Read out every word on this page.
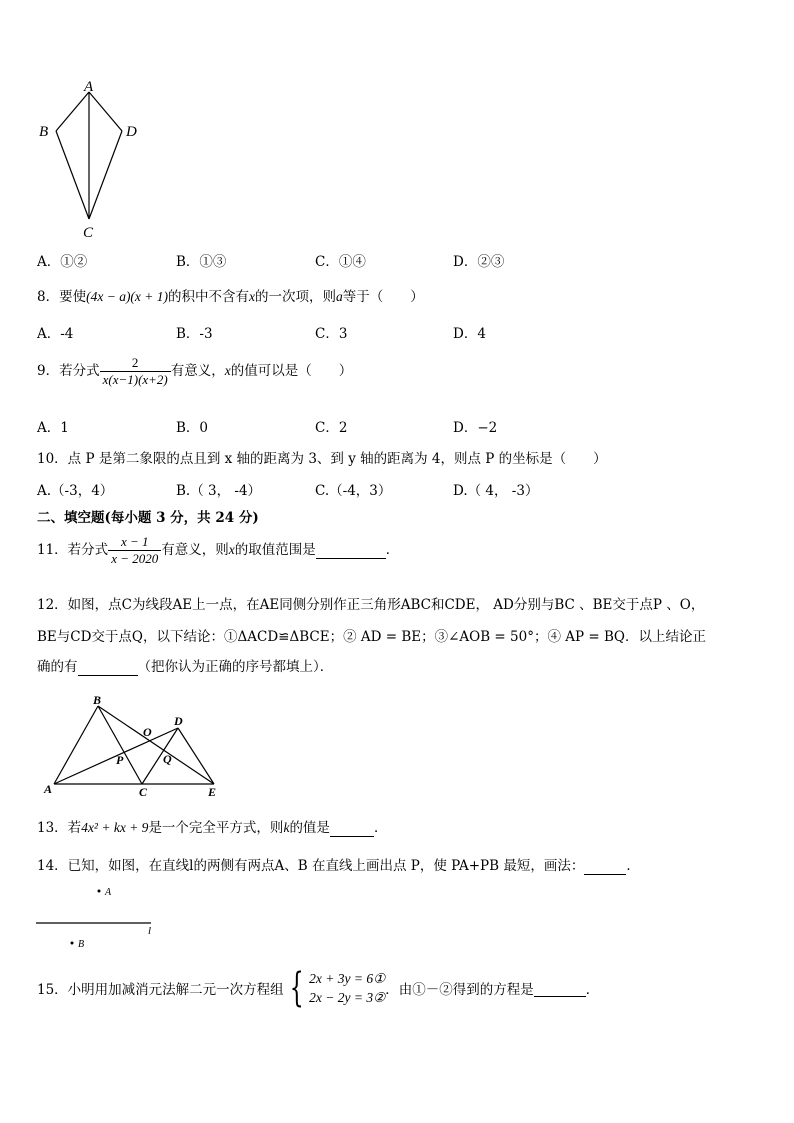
A
B	D
C
A．①②	B．①③	C．①④	D．②③
8．要使(4x − a)(x + 1)的积中不含有x的一次项，则a等于（　　）
A．-4	B．-3	C．3	D．4
9．若分式 $\frac{2}{x(x-1)(x+2)}$ 有意义，x的值可以是（　　）
A．1	B．0	C．2	D．−2
10．点 P 是第二象限的点且到 x 轴的距离为 3、到 y 轴的距离为 4，则点 P 的坐标是（　　）
A.（-3，4）	B.（ 3， -4）	C.（-4，3）	D.（ 4， -3）
二、填空题(每小题 3 分，共 24 分)
11．若分式 $\frac{x - 1}{x - 2020}$ 有意义，则x的取值范围是	．
12．如图，点C为线段AE上一点，在AE同侧分别作正三角形ABC和CDE， AD分别与BC 、BE交于点P 、O，
BE与CD交于点Q，以下结论：①ΔACD≌ΔBCE；② AD = BE；③∠AOB = 50°；④ AP = BQ．以上结论正
确的有	（把你认为正确的序号都填上）．
B
D
O
P	Q
A	C	E
13．若4x² + kx + 9是一个完全平方式，则k的值是	．
14．已知，如图，在直线l的两侧有两点A、B 在直线上画出点 P，使 PA+PB 最短，画法：	．
A
l
B
15．小明用加减消元法解二元一次方程组 { 2x + 3y = 6①
2x − 2y = 3② ．由①－②得到的方程是	．
